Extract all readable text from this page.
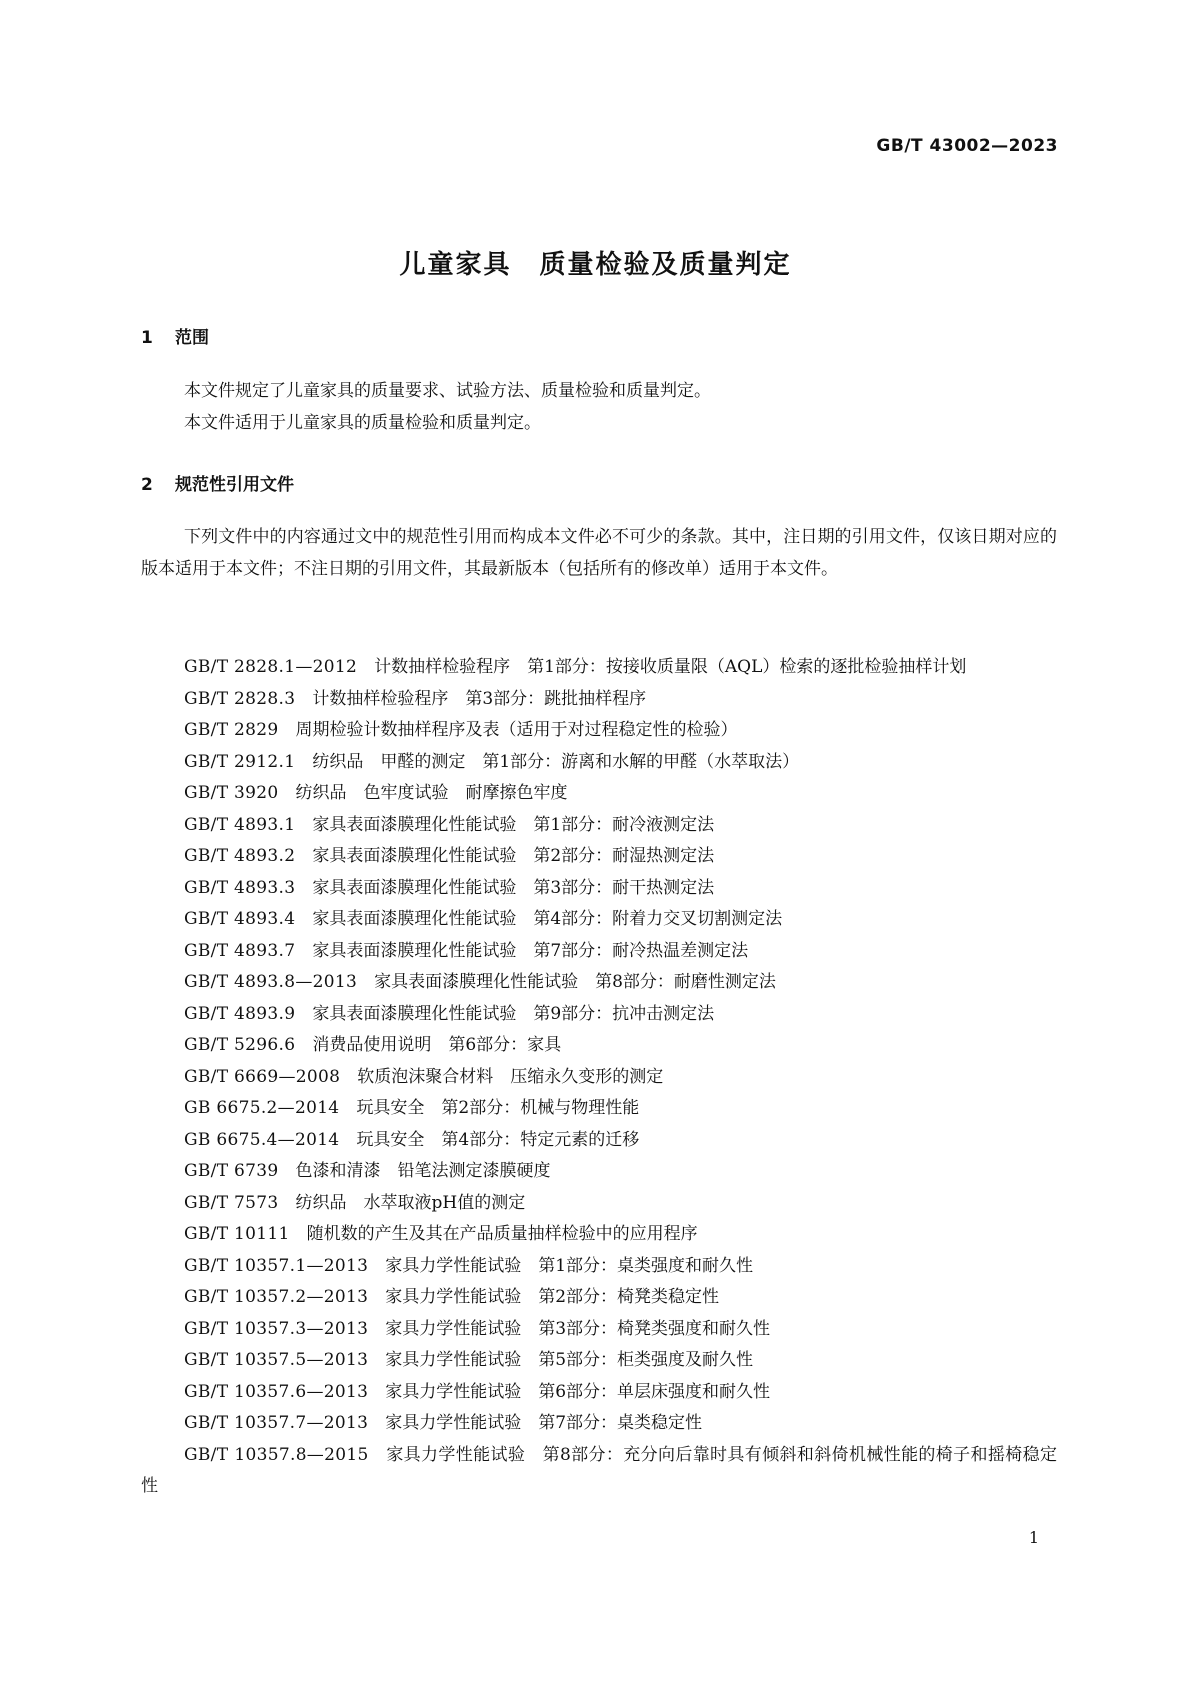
GB/T 43002—2023
儿童家具　质量检验及质量判定
1 范围

本文件规定了儿童家具的质量要求、试验方法、质量检验和质量判定。

本文件适用于儿童家具的质量检验和质量判定。

2 规范性引用文件

下列文件中的内容通过文中的规范性引用而构成本文件必不可少的条款。其中，注日期的引用文件，仅该日期对应的版本适用于本文件；不注日期的引用文件，其最新版本（包括所有的修改单）适用于本文件。

GB/T 2828.1—2012　 计数抽样检验程序　第1部分：按接收质量限（AQL）检索的逐批检验抽样计划
GB/T 2828.3　 计数抽样检验程序　第3部分：跳批抽样程序
GB/T 2829　 周期检验计数抽样程序及表（适用于对过程稳定性的检验）
GB/T 2912.1　 纺织品　甲醛的测定　第1部分：游离和水解的甲醛（水萃取法）
GB/T 3920　 纺织品　色牢度试验　耐摩擦色牢度
GB/T 4893.1　 家具表面漆膜理化性能试验　第1部分：耐冷液测定法
GB/T 4893.2　 家具表面漆膜理化性能试验　第2部分：耐湿热测定法
GB/T 4893.3　 家具表面漆膜理化性能试验　第3部分：耐干热测定法
GB/T 4893.4　 家具表面漆膜理化性能试验　第4部分：附着力交叉切割测定法
GB/T 4893.7　 家具表面漆膜理化性能试验　第7部分：耐冷热温差测定法
GB/T 4893.8—2013　 家具表面漆膜理化性能试验　第8部分：耐磨性测定法
GB/T 4893.9　 家具表面漆膜理化性能试验　第9部分：抗冲击测定法
GB/T 5296.6　 消费品使用说明　第6部分：家具
GB/T 6669—2008　 软质泡沫聚合材料　压缩永久变形的测定
GB 6675.2—2014　 玩具安全　第2部分：机械与物理性能
GB 6675.4—2014　 玩具安全　第4部分：特定元素的迁移
GB/T 6739　 色漆和清漆　铅笔法测定漆膜硬度
GB/T 7573　 纺织品　水萃取液pH值的测定
GB/T 10111　 随机数的产生及其在产品质量抽样检验中的应用程序
GB/T 10357.1—2013　 家具力学性能试验　第1部分：桌类强度和耐久性
GB/T 10357.2—2013　 家具力学性能试验　第2部分：椅凳类稳定性
GB/T 10357.3—2013　 家具力学性能试验　第3部分：椅凳类强度和耐久性
GB/T 10357.5—2013　 家具力学性能试验　第5部分：柜类强度及耐久性
GB/T 10357.6—2013　 家具力学性能试验　第6部分：单层床强度和耐久性
GB/T 10357.7—2013　 家具力学性能试验　第7部分：桌类稳定性
GB/T 10357.8—2015　 家具力学性能试验　第8部分：充分向后靠时具有倾斜和斜倚机械性能的椅子和摇椅稳定性
1
